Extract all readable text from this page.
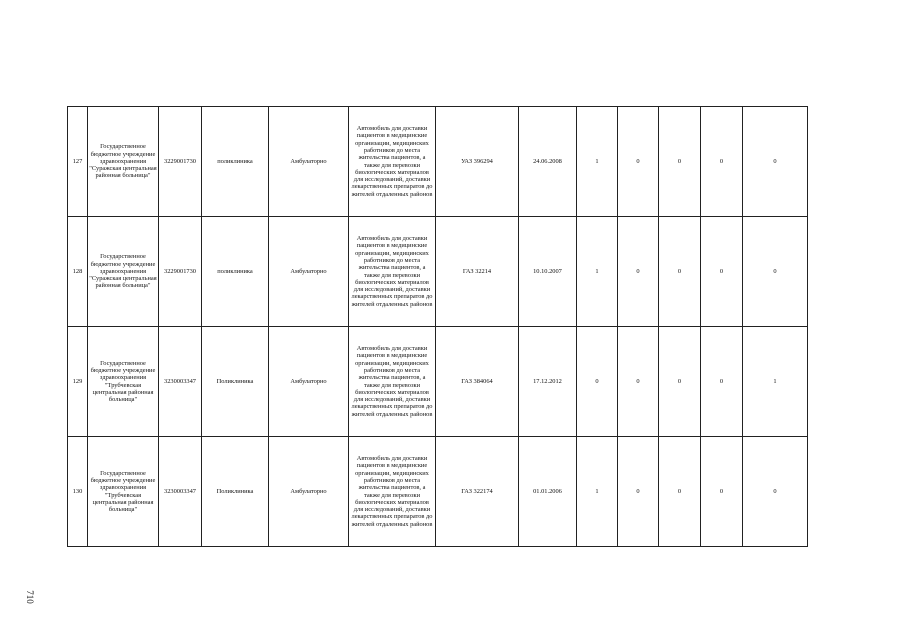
127	Государственное бюджетное учреждение здравоохранения "Суражская центральная районная больница"	3229001730	поликлиника	Амбулаторно	Автомобиль для доставки пациентов в медицинские организации, медицинских работников до места жительства пациентов, а также для перевозки биологических материалов для исследований, доставки лекарственных препаратов до жителей отдаленных районов	УАЗ 396294	24.06.2008	1	0	0	0	0
128	Государственное бюджетное учреждение здравоохранения "Суражская центральная районная больница"	3229001730	поликлиника	Амбулаторно	Автомобиль для доставки пациентов в медицинские организации, медицинских работников до места жительства пациентов, а также для перевозки биологических материалов для исследований, доставки лекарственных препаратов до жителей отдаленных районов	ГАЗ 32214	10.10.2007	1	0	0	0	0
129	Государственное бюджетное учреждение здравоохранения "Трубчевская центральная районная больница"	3230003347	Поликлиника	Амбулаторно	Автомобиль для доставки пациентов в медицинские организации, медицинских работников до места жительства пациентов, а также для перевозки биологических материалов для исследований, доставки лекарственных препаратов до жителей отдаленных районов	ГАЗ 384064	17.12.2012	0	0	0	0	1
130	Государственное бюджетное учреждение здравоохранения "Трубчевская центральная районная больница"	3230003347	Поликлиника	Амбулаторно	Автомобиль для доставки пациентов в медицинские организации, медицинских работников до места жительства пациентов, а также для перевозки биологических материалов для исследований, доставки лекарственных препаратов до жителей отдаленных районов	ГАЗ 322174	01.01.2006	1	0	0	0	0
710
